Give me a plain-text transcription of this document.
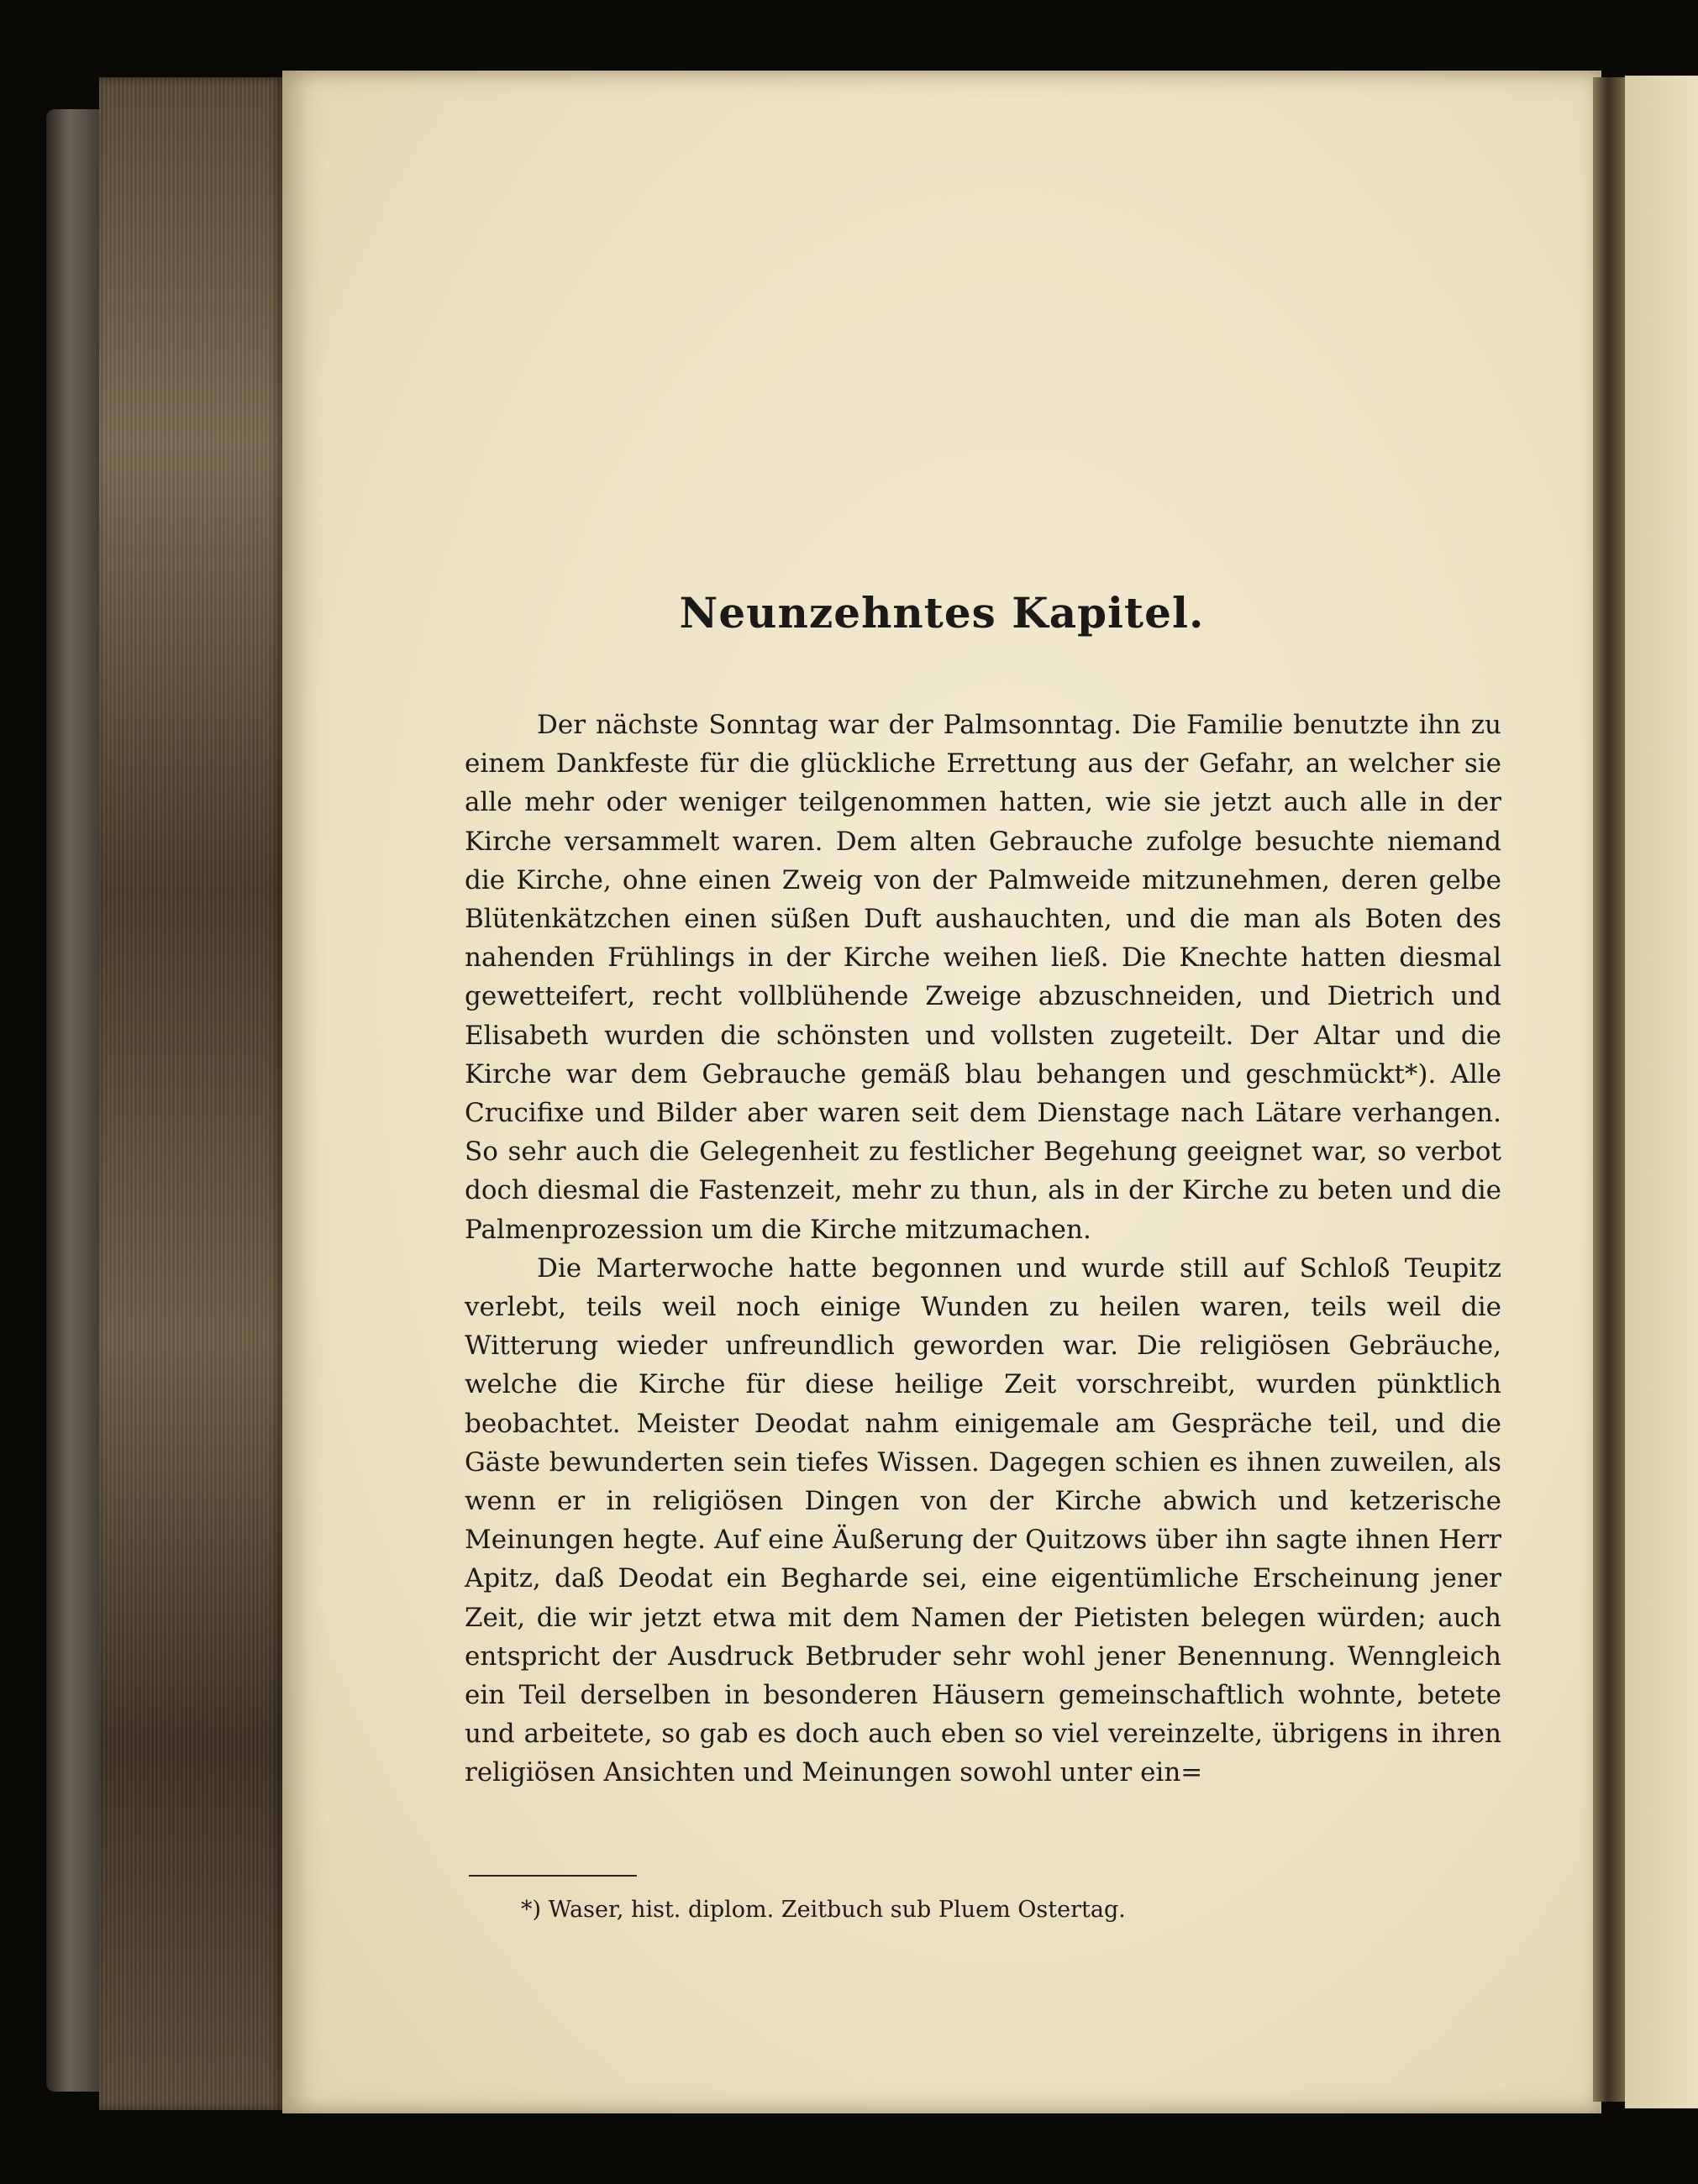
Neunzehntes Kapitel.

Der nächste Sonntag war der Palmsonntag. Die Familie benutzte ihn zu einem Dankfeste für die glückliche Errettung aus der Gefahr, an welcher sie alle mehr oder weniger teilgenommen hatten, wie sie jetzt auch alle in der Kirche versammelt waren. Dem alten Gebrauche zufolge besuchte niemand die Kirche, ohne einen Zweig von der Palmweide mitzunehmen, deren gelbe Blütenkätzchen einen süßen Duft aushauchten, und die man als Boten des nahenden Frühlings in der Kirche weihen ließ. Die Knechte hatten diesmal gewetteifert, recht vollblühende Zweige abzuschneiden, und Dietrich und Elisabeth wurden die schönsten und vollsten zugeteilt. Der Altar und die Kirche war dem Gebrauche gemäß blau behangen und geschmückt*). Alle Crucifixe und Bilder aber waren seit dem Dienstage nach Lätare verhangen. So sehr auch die Gelegenheit zu festlicher Begehung geeignet war, so verbot doch diesmal die Fastenzeit, mehr zu thun, als in der Kirche zu beten und die Palmenprozession um die Kirche mitzumachen.

Die Marterwoche hatte begonnen und wurde still auf Schloß Teupitz verlebt, teils weil noch einige Wunden zu heilen waren, teils weil die Witterung wieder unfreundlich geworden war. Die religiösen Gebräuche, welche die Kirche für diese heilige Zeit vorschreibt, wurden pünktlich beobachtet. Meister Deodat nahm einigemale am Gespräche teil, und die Gäste bewunderten sein tiefes Wissen. Dagegen schien es ihnen zuweilen, als wenn er in religiösen Dingen von der Kirche abwich und ketzerische Meinungen hegte. Auf eine Äußerung der Quitzows über ihn sagte ihnen Herr Apitz, daß Deodat ein Begharde sei, eine eigentümliche Erscheinung jener Zeit, die wir jetzt etwa mit dem Namen der Pietisten belegen würden; auch entspricht der Ausdruck Betbruder sehr wohl jener Benennung. Wenngleich ein Teil derselben in besonderen Häusern gemeinschaftlich wohnte, betete und arbeitete, so gab es doch auch eben so viel vereinzelte, übrigens in ihren religiösen Ansichten und Meinungen sowohl unter ein=

*) Waser, hist. diplom. Zeitbuch sub Pluem Ostertag.
